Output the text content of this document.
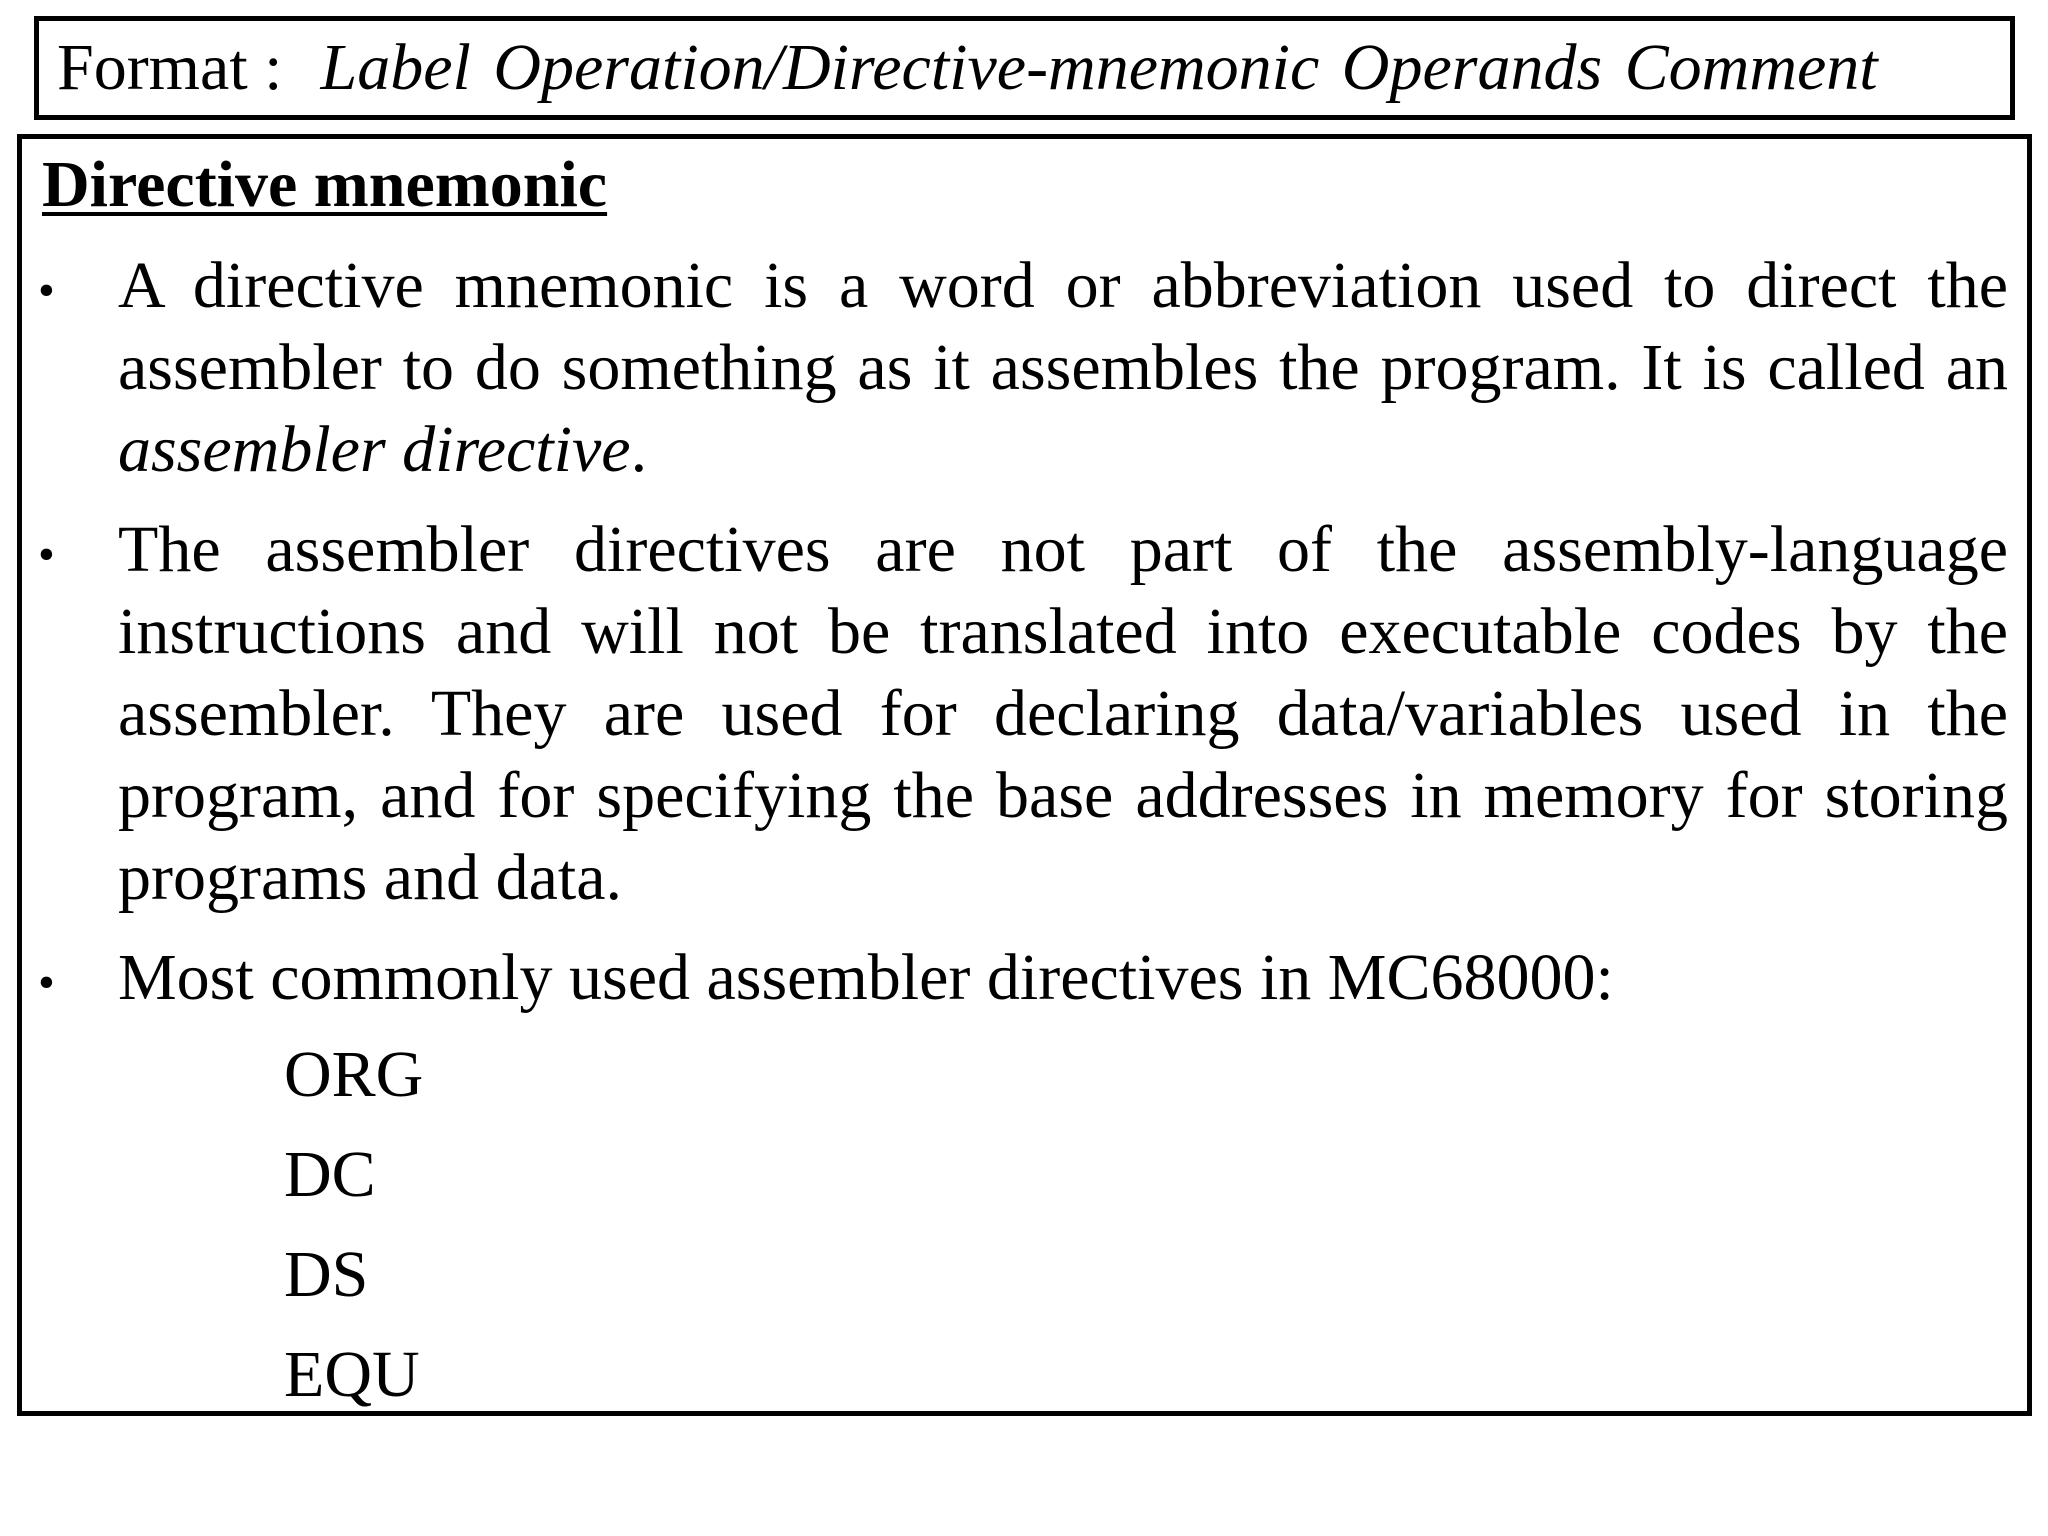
Format : Label Operation/Directive-mnemonic Operands Comment
Directive mnemonic
• A directive mnemonic is a word or abbreviation used to direct the assembler to do something as it assembles the program. It is called an assembler directive.

• The assembler directives are not part of the assembly-language instructions and will not be translated into executable codes by the assembler. They are used for declaring data/variables used in the program, and for specifying the base addresses in memory for storing programs and data.

• Most commonly used assembler directives in MC68000:

ORG

DC

DS

EQU
